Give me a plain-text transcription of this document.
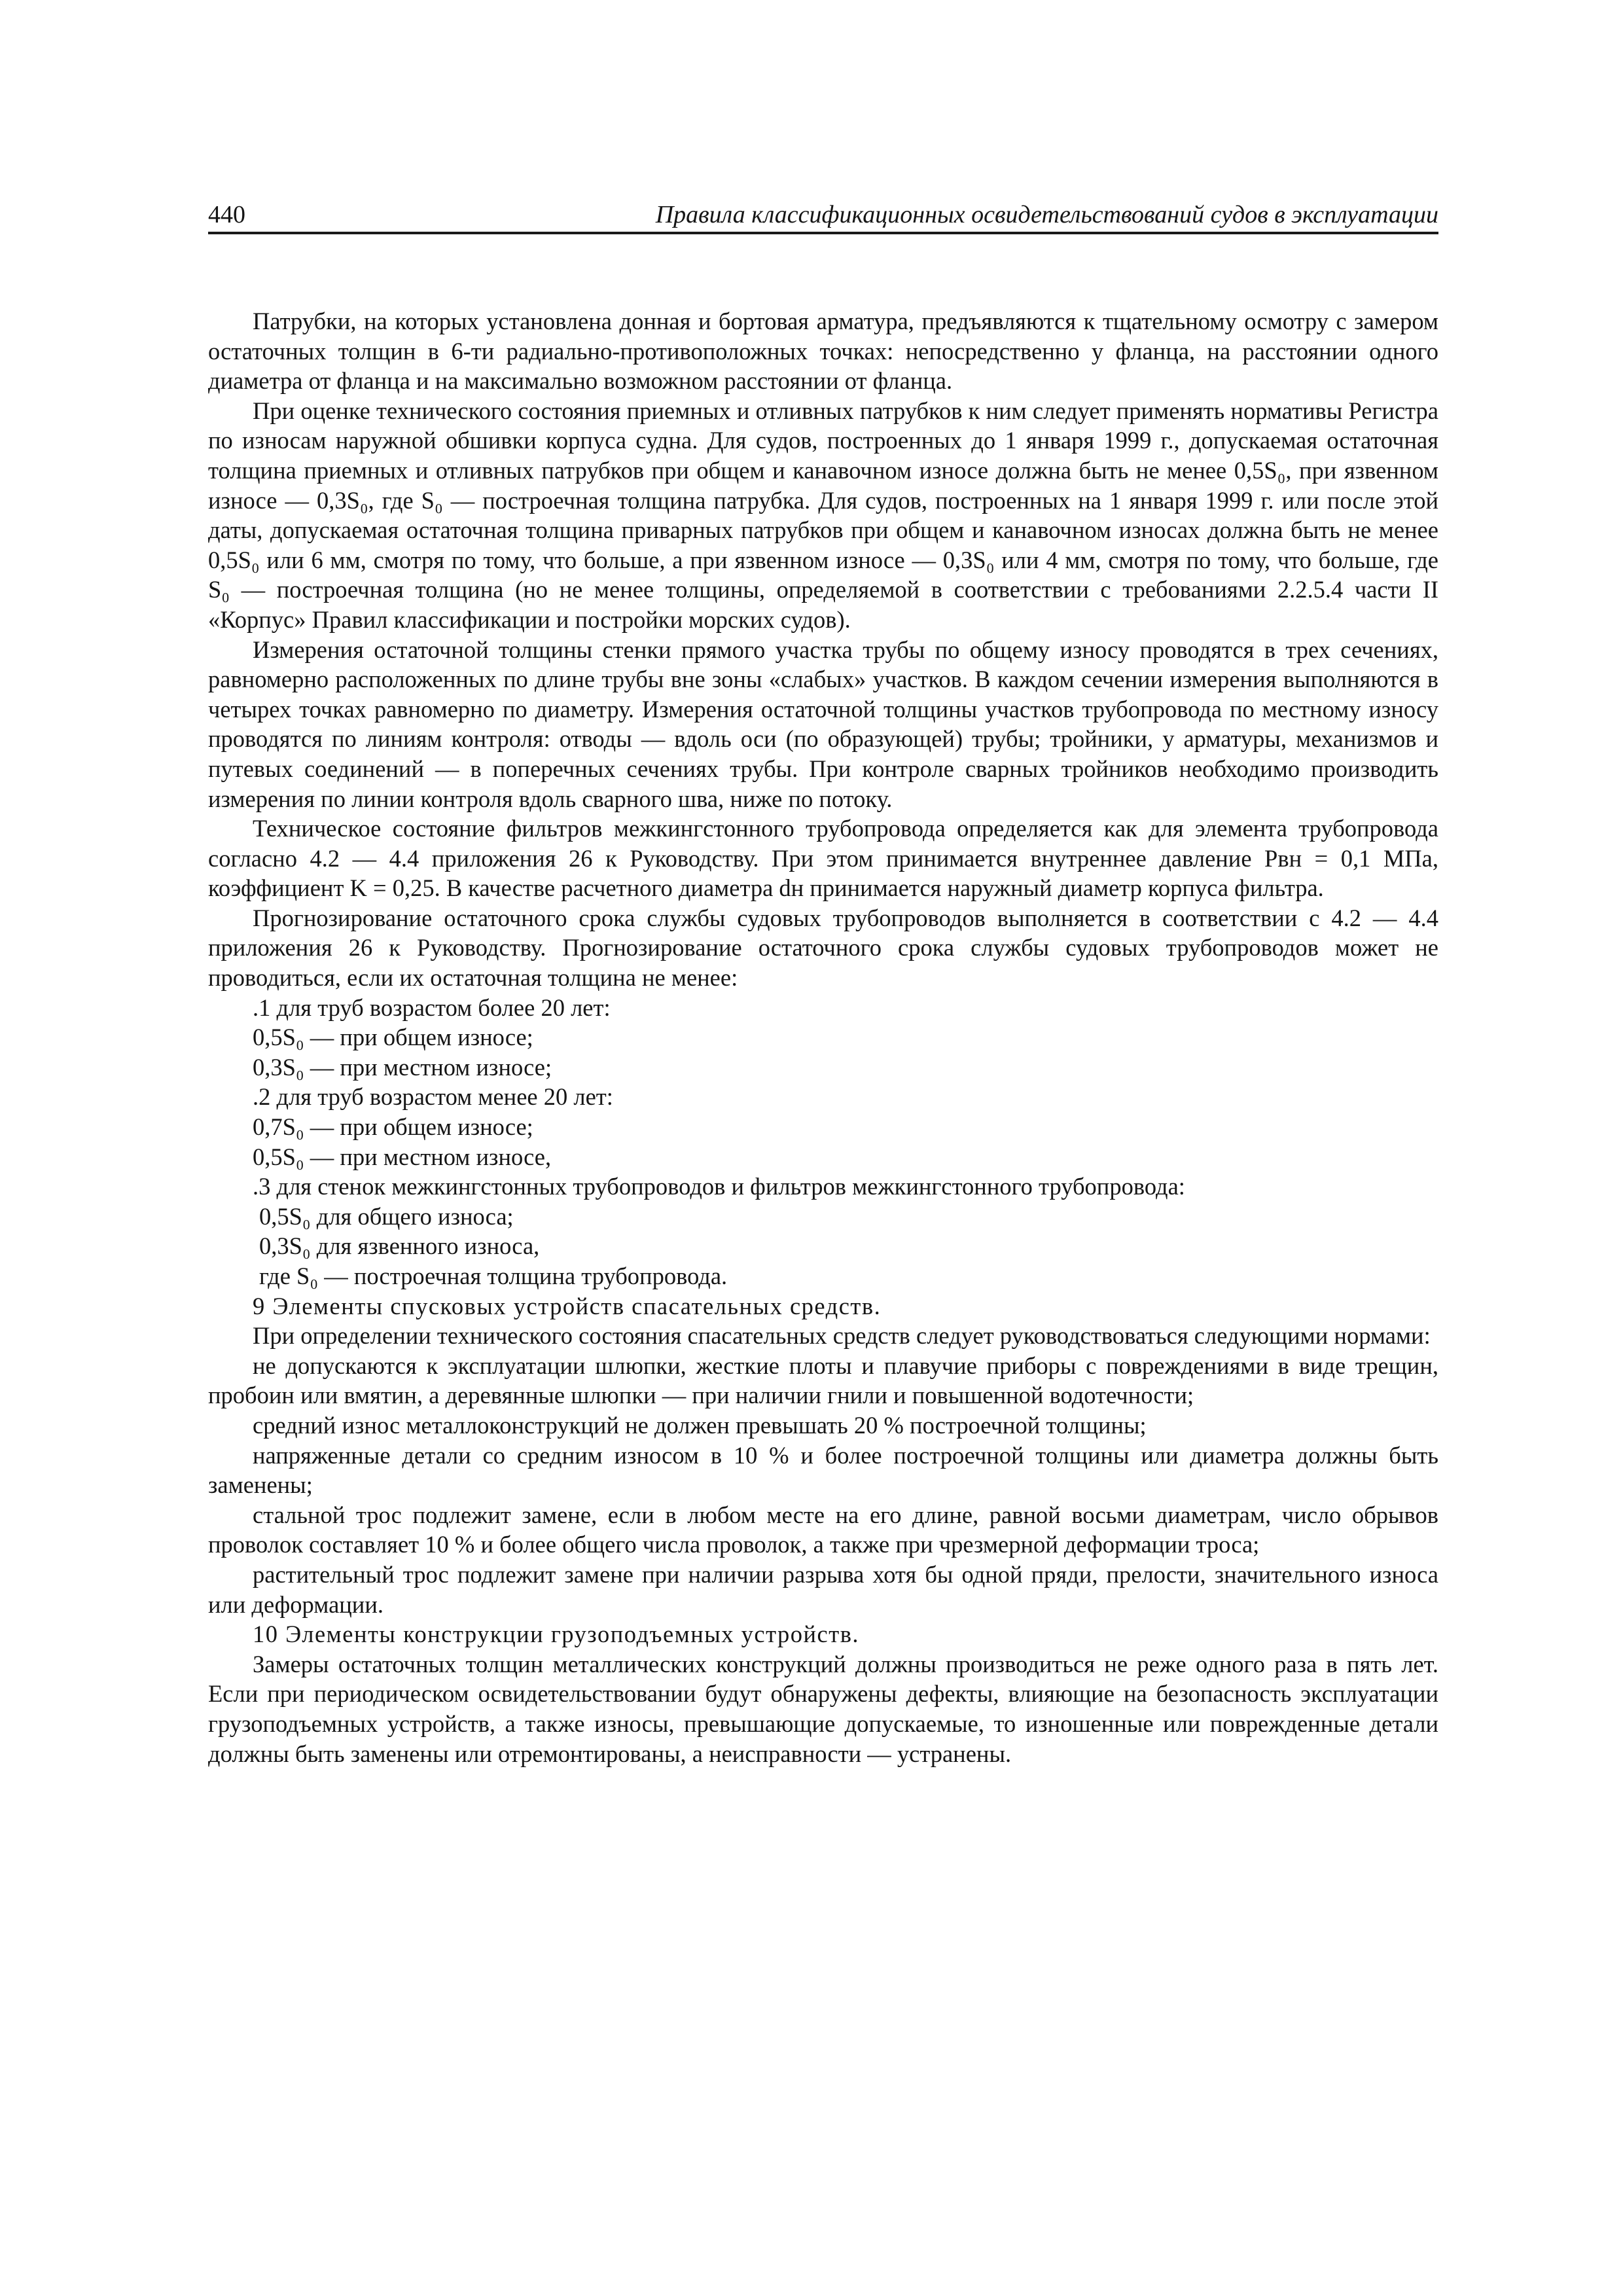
440	Правила классификационных освидетельствований судов в эксплуатации

Патрубки, на которых установлена донная и бортовая арматура, предъявляются к тщательному осмотру с замером остаточных толщин в 6-ти радиально-противоположных точках: непосредственно у фланца, на расстоянии одного диаметра от фланца и на максимально возможном расстоянии от фланца.

При оценке технического состояния приемных и отливных патрубков к ним следует применять нормативы Регистра по износам наружной обшивки корпуса судна. Для судов, построенных до 1 января 1999 г., допускаемая остаточная толщина приемных и отливных патрубков при общем и канавочном износе должна быть не менее 0,5S₀, при язвенном износе — 0,3S₀, где S₀ — построечная толщина патрубка. Для судов, построенных на 1 января 1999 г. или после этой даты, допускаемая остаточная толщина приварных патрубков при общем и канавочном износах должна быть не менее 0,5S₀ или 6 мм, смотря по тому, что больше, а при язвенном износе — 0,3S₀ или 4 мм, смотря по тому, что больше, где S₀ — построечная толщина (но не менее толщины, определяемой в соответствии с требованиями 2.2.5.4 части II «Корпус» Правил классификации и постройки морских судов).

Измерения остаточной толщины стенки прямого участка трубы по общему износу проводятся в трех сечениях, равномерно расположенных по длине трубы вне зоны «слабых» участков. В каждом сечении измерения выполняются в четырех точках равномерно по диаметру. Измерения остаточной толщины участков трубопровода по местному износу проводятся по линиям контроля: отводы — вдоль оси (по образующей) трубы; тройники, у арматуры, механизмов и путевых соединений — в поперечных сечениях трубы. При контроле сварных тройников необходимо производить измерения по линии контроля вдоль сварного шва, ниже по потоку.

Техническое состояние фильтров межкингстонного трубопровода определяется как для элемента трубопровода согласно 4.2 — 4.4 приложения 26 к Руководству. При этом принимается внутреннее давление Pвн = 0,1 МПа, коэффициент K = 0,25. В качестве расчетного диаметра dн принимается наружный диаметр корпуса фильтра.

Прогнозирование остаточного срока службы судовых трубопроводов выполняется в соответствии с 4.2 — 4.4 приложения 26 к Руководству. Прогнозирование остаточного срока службы судовых трубопроводов может не проводиться, если их остаточная толщина не менее:

.1 для труб возрастом более 20 лет:

0,5S₀ — при общем износе;

0,3S₀ — при местном износе;

.2 для труб возрастом менее 20 лет:

0,7S₀ — при общем износе;

0,5S₀ — при местном износе,

.3 для стенок межкингстонных трубопроводов и фильтров межкингстонного трубопровода:

0,5S₀ для общего износа;

0,3S₀ для язвенного износа,

где S₀ — построечная толщина трубопровода.

9 Элементы спусковых устройств спасательных средств.

При определении технического состояния спасательных средств следует руководствоваться следующими нормами:

не допускаются к эксплуатации шлюпки, жесткие плоты и плавучие приборы с повреждениями в виде трещин, пробоин или вмятин, а деревянные шлюпки — при наличии гнили и повышенной водотечности;

средний износ металлоконструкций не должен превышать 20 % построечной толщины;

напряженные детали со средним износом в 10 % и более построечной толщины или диаметра должны быть заменены;

стальной трос подлежит замене, если в любом месте на его длине, равной восьми диаметрам, число обрывов проволок составляет 10 % и более общего числа проволок, а также при чрезмерной деформации троса;

растительный трос подлежит замене при наличии разрыва хотя бы одной пряди, прелости, значительного износа или деформации.

10 Элементы конструкции грузоподъемных устройств.

Замеры остаточных толщин металлических конструкций должны производиться не реже одного раза в пять лет. Если при периодическом освидетельствовании будут обнаружены дефекты, влияющие на безопасность эксплуатации грузоподъемных устройств, а также износы, превышающие допускаемые, то изношенные или поврежденные детали должны быть заменены или отремонтированы, а неисправности — устранены.
